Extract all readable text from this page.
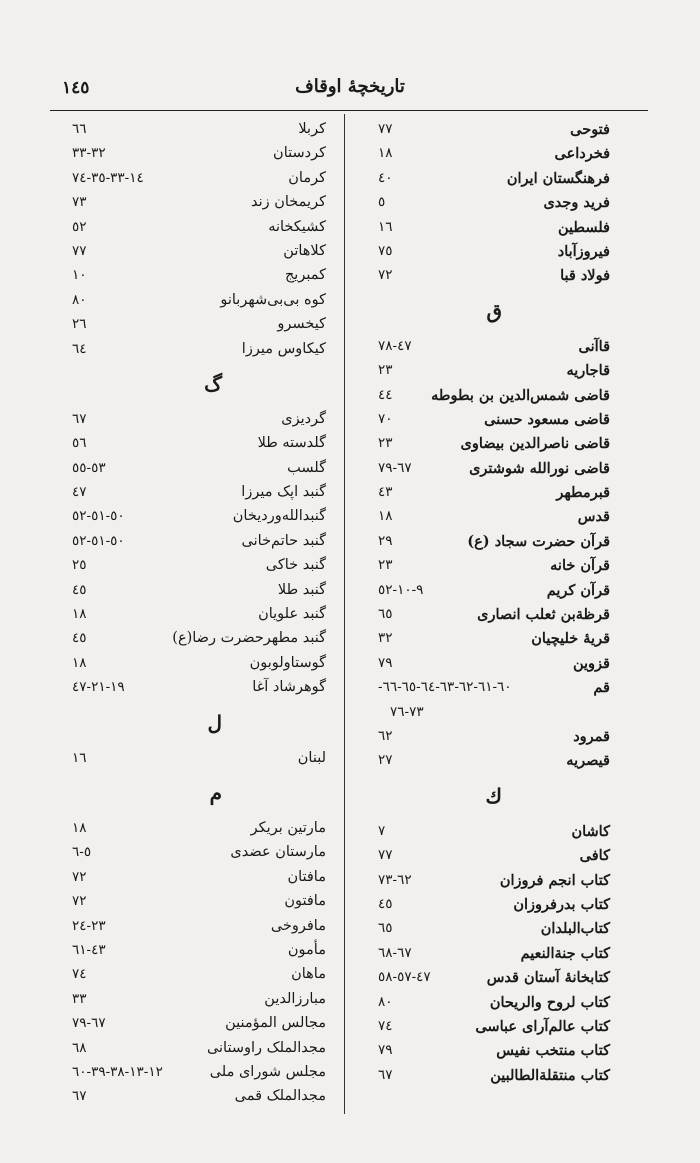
تاریخچهٔ اوقاف
١٤٥
فتوحی
٧٧
فخرداعی
١٨
فرهنگستان ایران
٤٠
فرید وجدی
٥
فلسطین
١٦
فیروزآباد
٧٥
فولاد قبا
٧٢
ق
قاآنی
٤٧-٧٨
قاجاریه
٢٣
قاضی شمس‌الدین بن بطوطه
٤٤
قاضی مسعود حسنی
٧٠
قاضی ناصرالدین بیضاوی
٢٣
قاضی نورالله شوشتری
٦٧-٧٩
قبرمطهر
٤٣
قدس
١٨
قرآن حضرت سجاد (ع)
٢٩
قرآن خانه
٢٣
قرآن کریم
٩-١٠-٥٢
قرظةبن ثعلب انصاری
٦٥
قریهٔ خلیچیان
٣٢
قزوین
٧٩
قم
٦٠-٦١-٦٢-٦٣-٦٤-٦٥-٦٦-
٧٣-٧٦
قمرود
٦٢
قیصریه
٢٧
ك
کاشان
٧
کافی
٧٧
کتاب انجم فروزان
٦٢-٧٣
کتاب بدرفروزان
٤٥
کتاب‌البلدان
٦٥
کتاب جنةالنعیم
٦٧-٦٨
کتابخانهٔ آستان قدس
٤٧-٥٧-٥٨
کتاب لروح والریحان
٨٠
کتاب عالم‌آرای عباسی
٧٤
کتاب منتخب نفیس
٧٩
کتاب منتقلةالطالبین
٦٧
کربلا
٦٦
کردستان
٣٢-٣٣
کرمان
١٤-٣٣-٣٥-٧٤
کریمخان زند
٧٣
کشیکخانه
٥٢
کلاهاتن
٧٧
کمبریج
١٠
کوه بی‌بی‌شهربانو
٨٠
کیخسرو
٢٦
کیکاوس میرزا
٦٤
گ
گردیزی
٦٧
گلدسته طلا
٥٦
گلسب
٥٣-٥٥
گنبد اپک میرزا
٤٧
گنبدالله‌وردیخان
٥٠-٥١-٥٢
گنبد حاتم‌خانی
٥٠-٥١-٥٢
گنبد خاکی
٢٥
گنبد طلا
٤٥
گنبد علویان
١٨
گنبد مطهرحضرت رضا(ع)
٤٥
گوستاولوبون
١٨
گوهرشاد آغا
١٩-٢١-٤٧
ل
لبنان
١٦
م
مارتین بریکر
١٨
مارستان عضدی
٥-٦
مافتان
٧٢
مافتون
٧٢
مافروخی
٢٣-٢٤
مأمون
٤٣-٦١
ماهان
٧٤
مبارزالدین
٣٣
مجالس المؤمنین
٦٧-٧٩
مجدالملک راوستانی
٦٨
مجلس شورای ملی
١٢-١٣-٣٨-٣٩-٦٠
مجدالملک قمی
٦٧
